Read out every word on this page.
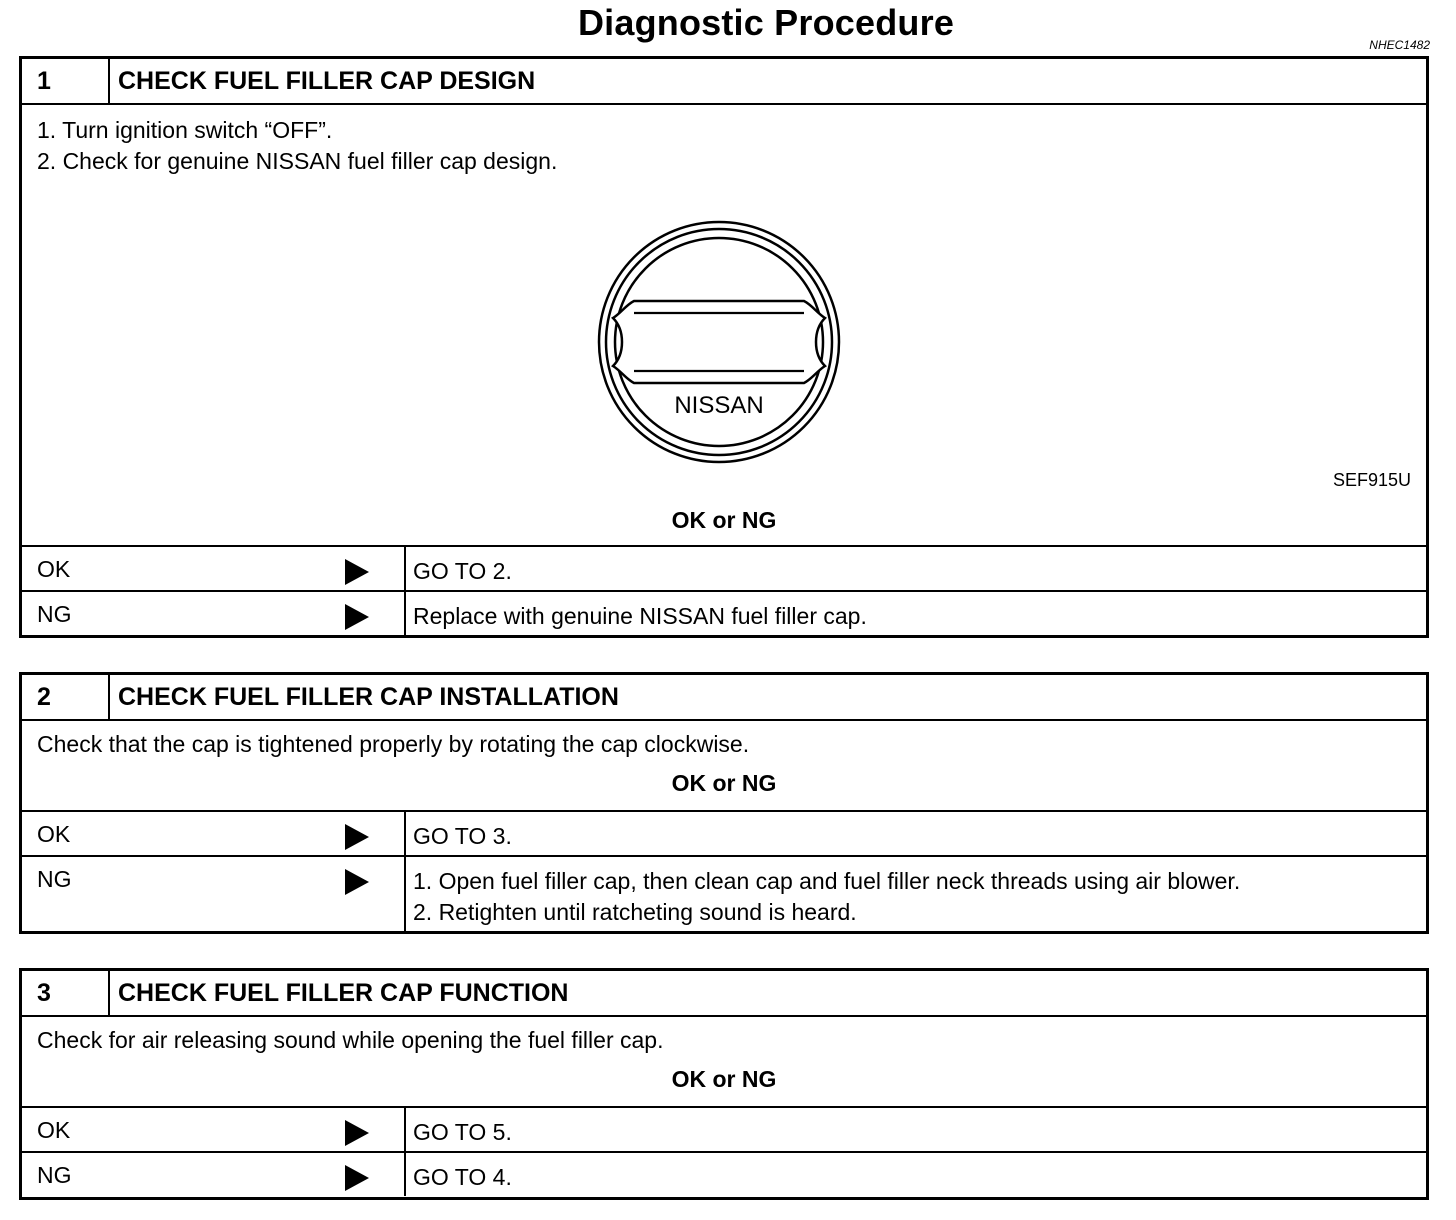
Diagnostic Procedure
NHEC1482
1	CHECK FUEL FILLER CAP DESIGN
1. Turn ignition switch “OFF”.
2. Check for genuine NISSAN fuel filler cap design.
NISSAN
SEF915U
OK or NG
OK	GO TO 2.
NG	Replace with genuine NISSAN fuel filler cap.
2	CHECK FUEL FILLER CAP INSTALLATION
Check that the cap is tightened properly by rotating the cap clockwise.
OK or NG
OK	GO TO 3.
NG	1. Open fuel filler cap, then clean cap and fuel filler neck threads using air blower.
2. Retighten until ratcheting sound is heard.
3	CHECK FUEL FILLER CAP FUNCTION
Check for air releasing sound while opening the fuel filler cap.
OK or NG
OK	GO TO 5.
NG	GO TO 4.
